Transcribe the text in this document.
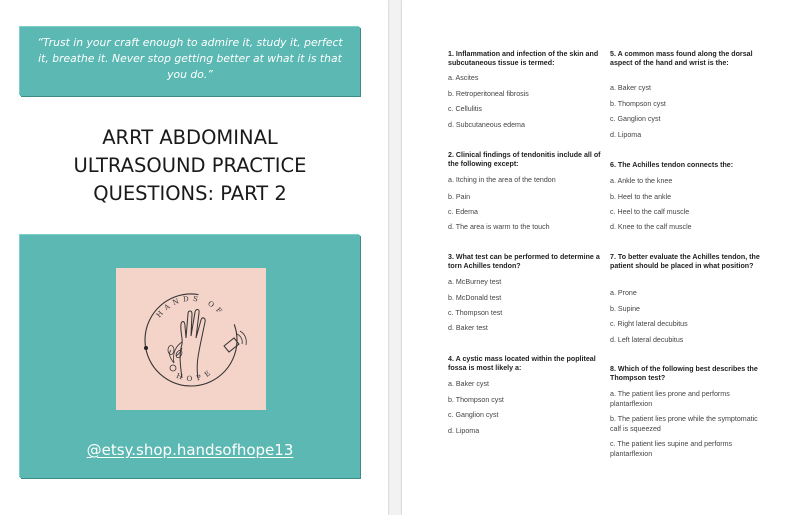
“Trust in your craft enough to admire it, study it, perfect it, breathe it. Never stop getting better at what it is that you do.”
ARRT ABDOMINAL
ULTRASOUND PRACTICE
QUESTIONS: PART 2
HANDS OF
HOPE
@etsy.shop.handsofhope13
1. Inflammation and infection of the skin and subcutaneous tissue is termed:
a. Ascites
b. Retroperitoneal fibrosis
c. Cellulitis
d. Subcutaneous edema
2. Clinical findings of tendonitis include all of the following except:
a. Itching in the area of the tendon
b. Pain
c. Edema
d. The area is warm to the touch
3. What test can be performed to determine a torn Achilles tendon?
a. McBurney test
b. McDonald test
c. Thompson test
d. Baker test
4. A cystic mass located within the popliteal fossa is most likely a:
a. Baker cyst
b. Thompson cyst
c. Ganglion cyst
d. Lipoma
5. A common mass found along the dorsal aspect of the hand and wrist is the:
a. Baker cyst
b. Thompson cyst
c. Ganglion cyst
d. Lipoma
6. The Achilles tendon connects the:
a. Ankle to the knee
b. Heel to the ankle
c. Heel to the calf muscle
d. Knee to the calf muscle
7. To better evaluate the Achilles tendon, the patient should be placed in what position?
a. Prone
b. Supine
c. Right lateral decubitus
d. Left lateral decubitus
8. Which of the following best describes the Thompson test?
a. The patient lies prone and performs plantarflexion
b. The patient lies prone while the symptomatic calf is squeezed
c. The patient lies supine and performs plantarflexion
